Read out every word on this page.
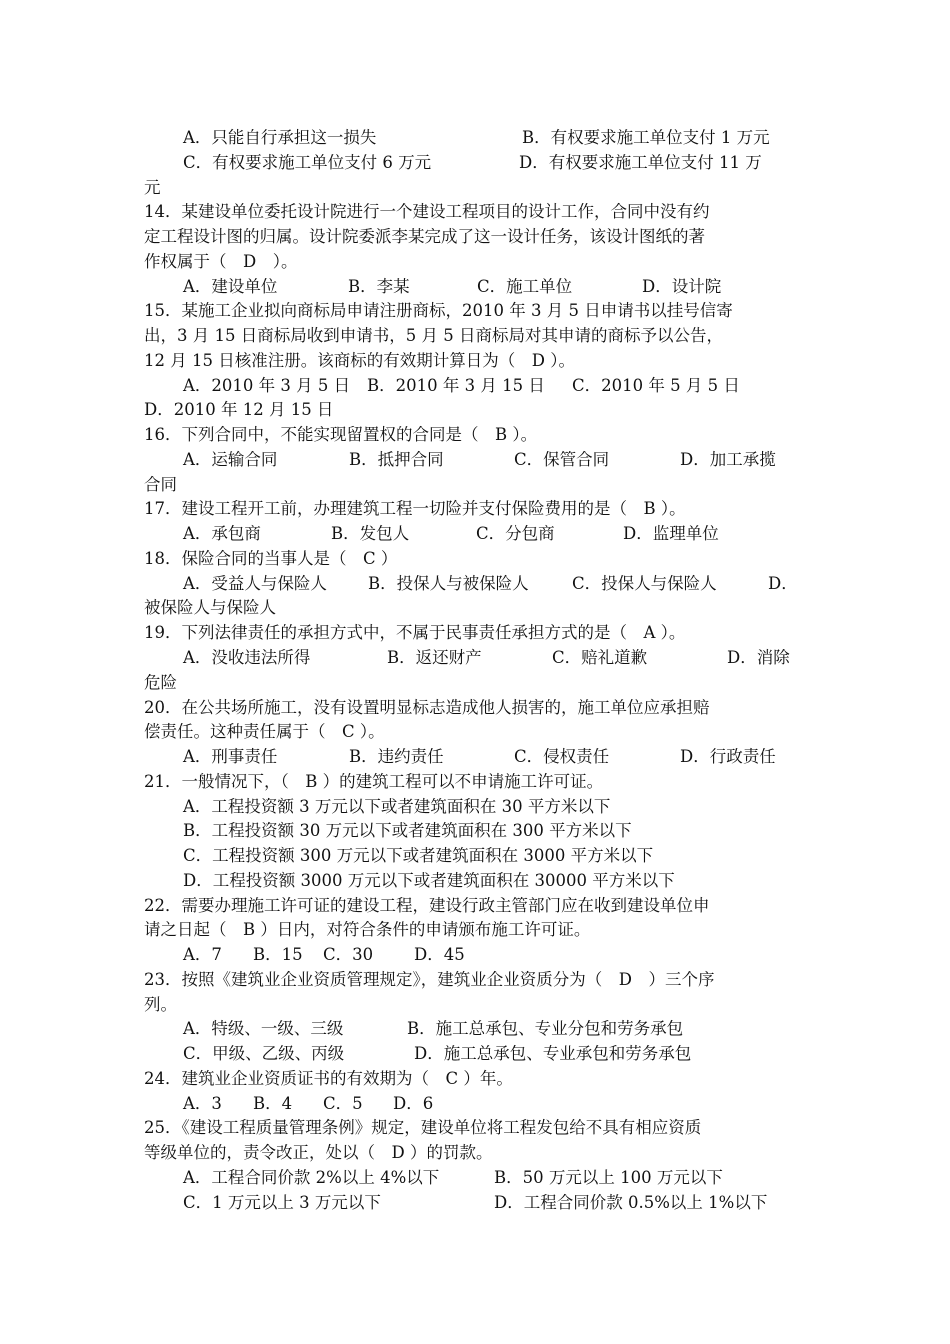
A．只能自行承担这一损失	B．有权要求施工单位支付 1 万元
C．有权要求施工单位支付 6 万元	D．有权要求施工单位支付 11 万
元
14．某建设单位委托设计院进行一个建设工程项目的设计工作，合同中没有约
定工程设计图的归属。设计院委派李某完成了这一设计任务，该设计图纸的著
作权属于（　D　）。
A．建设单位	B．李某	C．施工单位	D．设计院
15．某施工企业拟向商标局申请注册商标，2010 年 3 月 5 日申请书以挂号信寄
出，3 月 15 日商标局收到申请书，5 月 5 日商标局对其申请的商标予以公告，
12 月 15 日核准注册。该商标的有效期计算日为（　D ）。
A．2010 年 3 月 5 日 B．2010 年 3 月 15 日 C．2010 年 5 月 5 日
D．2010 年 12 月 15 日
16．下列合同中，不能实现留置权的合同是（　B ）。
A．运输合同	B．抵押合同	C．保管合同	D．加工承揽
合同
17．建设工程开工前，办理建筑工程一切险并支付保险费用的是（　B ）。
A．承包商	B．发包人	C．分包商	D．监理单位
18．保险合同的当事人是（　C ）
A．受益人与保险人 B．投保人与被保险人	C．投保人与保险人	D．
被保险人与保险人
19．下列法律责任的承担方式中，不属于民事责任承担方式的是（　A ）。
A．没收违法所得	B．返还财产	C．赔礼道歉	D．消除
危险
20．在公共场所施工，没有设置明显标志造成他人损害的，施工单位应承担赔
偿责任。这种责任属于（　C ）。
A．刑事责任	B．违约责任	C．侵权责任	D．行政责任
21．一般情况下，（　B ）的建筑工程可以不申请施工许可证。
A．工程投资额 3 万元以下或者建筑面积在 30 平方米以下
B．工程投资额 30 万元以下或者建筑面积在 300 平方米以下
C．工程投资额 300 万元以下或者建筑面积在 3000 平方米以下
D．工程投资额 3000 万元以下或者建筑面积在 30000 平方米以下
22．需要办理施工许可证的建设工程，建设行政主管部门应在收到建设单位申
请之日起（　B ）日内，对符合条件的申请颁布施工许可证。
A．7 B．15 C．30 D．45
23．按照《建筑业企业资质管理规定》，建筑业企业资质分为（　D　）三个序
列。
A．特级、一级、三级	B．施工总承包、专业分包和劳务承包
C．甲级、乙级、丙级	D．施工总承包、专业承包和劳务承包
24．建筑业企业资质证书的有效期为（　C ）年。
A．3 B．4 C．5 D．6
25．《建设工程质量管理条例》规定，建设单位将工程发包给不具有相应资质
等级单位的，责令改正，处以（　D ）的罚款。
A．工程合同价款 2%以上 4%以下	B．50 万元以上 100 万元以下
C．1 万元以上 3 万元以下	D．工程合同价款 0.5%以上 1%以下
